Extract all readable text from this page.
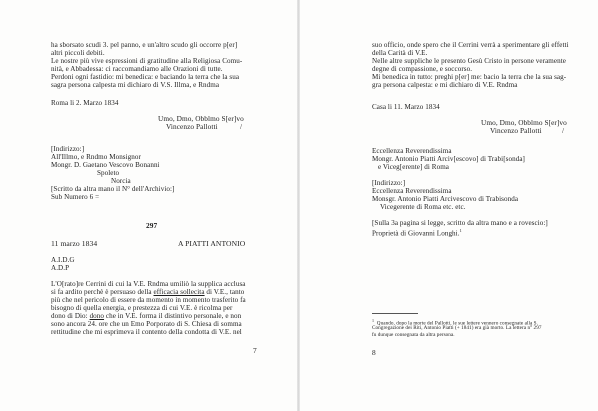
ha sborsato scudi 3. pel panno, e un'altro scudo gli occorre p[er]
altri piccoli debiti.
Le nostre più vive espressioni di gratitudine alla Religiosa Comu-
nità, e Abbadessa: ci raccomandiamo alle Orazioni di tutte.
Perdoni ogni fastidio: mi benedica: e baciando la terra che la sua
sagra persona calpesta mi dichiaro di V.S. Illma, e Rndma
Roma li 2. Marzo 1834
Umo, Dmo, Obblmo S[er]vo
Vincenzo Pallotti	/
[Indirizzo:]
All'Illmo, e Rndmo Monsignor
Mongr. D. Gaetano Vescovo Bonanni
Spoleto
Norcia
[Scritto da altra mano il N° dell'Archivio:]
Sub Numero 6 =
297
11 marzo 1834	A PIATTI ANTONIO
A.I.D.G
A.D.P
L'O[rato]re Cerrini di cui la V.E. Rndma umiliò la supplica acclusa
si fa ardito perchè è persuaso della efficacia sollecita di V.E., tanto
più che nel pericolo di essere da momento in momento trasferito fa
bisogno di quella energia, e prestezza di cui V.E. è ricolma per
dono di Dio: dono che in V.E. forma il distintivo personale, e non
sono ancora 24. ore che un Emo Porporato di S. Chiesa di somma
rettitudine che mi esprimeva il contento della condotta di V.E. nel
7
suo officio, onde spero che il Cerrini verrà a sperimentare gli effetti
della Carità di V.E.
Nelle altre suppliche le presento Gesù Cristo in persone veramente
degne di compassione, e soccorso.
Mi benedica in tutto: preghi p[er] me: bacio la terra che la sua sag-
gra persona calpesta: e mi dichiaro di V.E. Rndma
Casa li 11. Marzo 1834
Umo, Dmo, Obblmo S[er]vo
Vincenzo Pallotti	/
Eccellenza Reverendissima
Mongr. Antonio Piatti Arciv[escovo] di Trabi[sonda]
e Viceg[erente] di Roma
[Indirizzo:]
Eccellenza Reverendissima
Monsgr. Antonio Piatti Arcivescovo di Trabisonda
Vicegerente di Roma etc. etc.
[Sulla 3a pagina si legge, scritto da altra mano e a rovescio:]
Proprietà di Giovanni Longhi.$^1$
$^1$  Quando, dopo la morte del Pallotti, le sue lettere vennero consegnate alla S.
Congregazione dei Riti, Antonio Piatti (+ 1841) era già morto. La lettera n° 297
fu dunque consegnata da altra persona.
8
